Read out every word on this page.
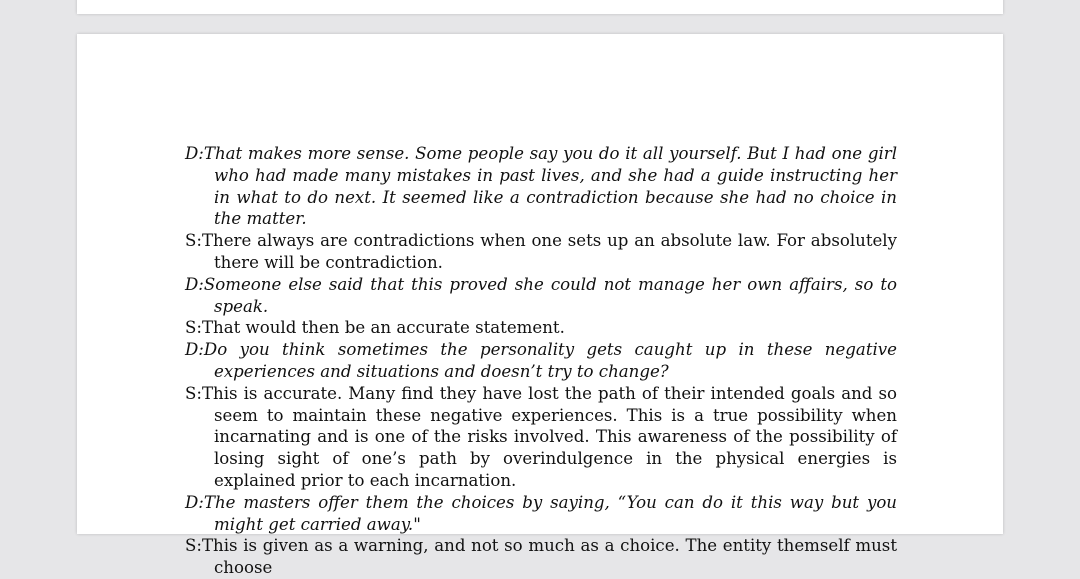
D:That makes more sense. Some people say you do it all yourself. But I had one girl who had made many mistakes in past lives, and she had a guide instructing her in what to do next. It seemed like a contradiction because she had no choice in the matter.

S:There always are contradictions when one sets up an absolute law. For absolutely there will be contradiction.

D:Someone else said that this proved she could not manage her own affairs, so to speak.

S:That would then be an accurate statement.

D:Do you think sometimes the personality gets caught up in these negative experiences and situations and doesn’t try to change?

S:This is accurate. Many find they have lost the path of their intended goals and so seem to maintain these negative experiences. This is a true possibility when incarnating and is one of the risks involved. This awareness of the possibility of losing sight of one’s path by overindulgence in the physical energies is explained prior to each incarnation.

D:The masters offer them the choices by saying, “You can do it this way but you might get carried away."

S:This is given as a warning, and not so much as a choice. The entity themself must choose
